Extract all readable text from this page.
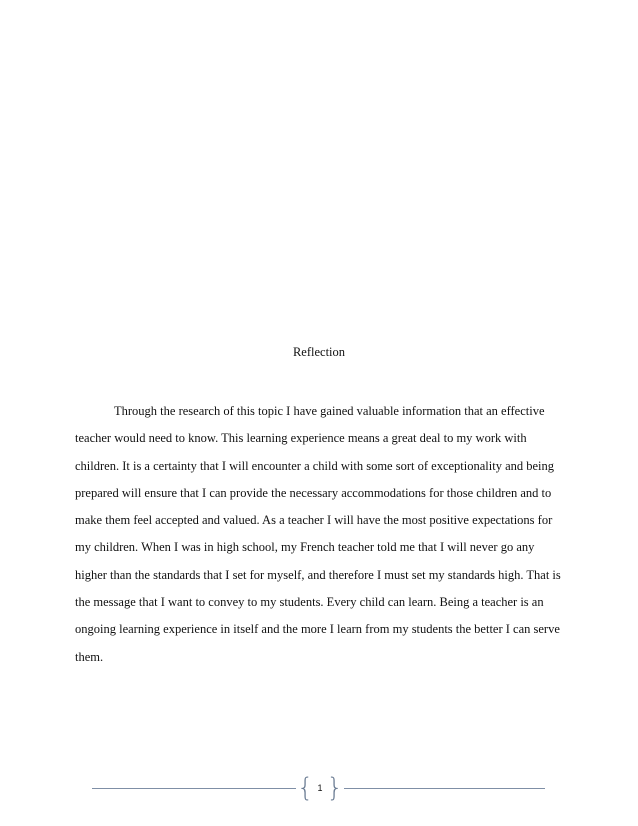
Reflection

Through the research of this topic I have gained valuable information that an effective
teacher would need to know. This learning experience means a great deal to my work with
children. It is a certainty that I will encounter a child with some sort of exceptionality and being
prepared will ensure that I can provide the necessary accommodations for those children and to
make them feel accepted and valued. As a teacher I will have the most positive expectations for
my children. When I was in high school, my French teacher told me that I will never go any
higher than the standards that I set for myself, and therefore I must set my standards high. That is
the message that I want to convey to my students. Every child can learn. Being a teacher is an
ongoing learning experience in itself and the more I learn from my students the better I can serve
them.

{ 1 }
